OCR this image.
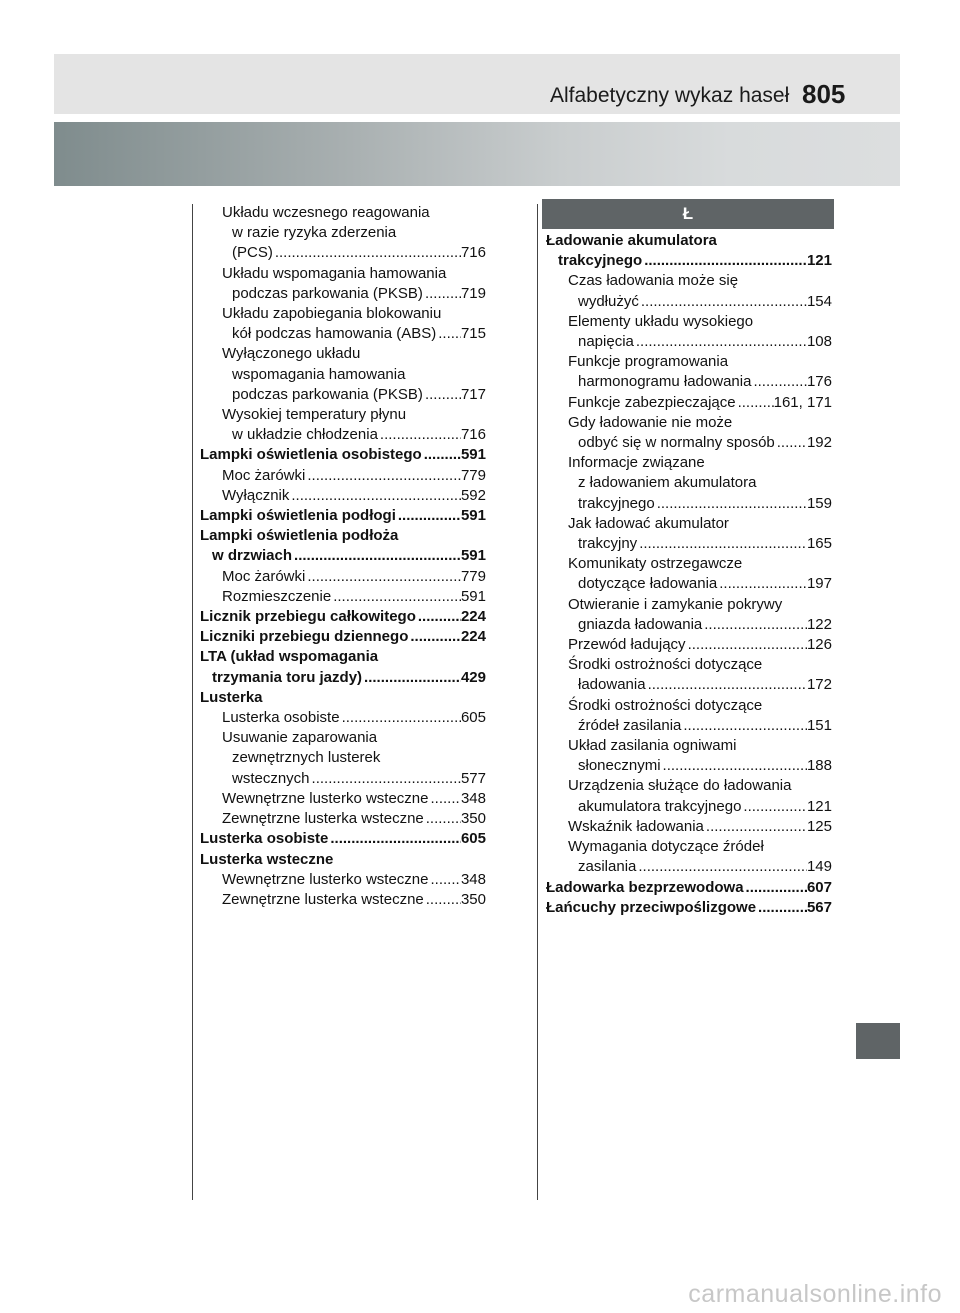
Alfabetyczny wykaz haseł 805
Układu wczesnego reagowania
w razie ryzyka zderzenia
(PCS) .....	716
Układu wspomagania hamowania
podczas parkowania (PKSB) .....	719
Układu zapobiegania blokowaniu
kół podczas hamowania (ABS) ..... 715
Wyłączonego układu
wspomagania hamowania
podczas parkowania (PKSB) .....	717
Wysokiej temperatury płynu
w układzie chłodzenia .....	716
Lampki oświetlenia osobistego .....	591
Moc żarówki .....	779
Wyłącznik .....	592
Lampki oświetlenia podłogi .....	591
Lampki oświetlenia podłoża
w drzwiach .....	591
Moc żarówki .....	779
Rozmieszczenie .....	591
Licznik przebiegu całkowitego .....	224
Liczniki przebiegu dziennego .....	224
LTA (układ wspomagania
trzymania toru jazdy) .....	429
Lusterka
Lusterka osobiste .....	605
Usuwanie zaparowania
zewnętrznych lusterek
wstecznych .....	577
Wewnętrzne lusterko wsteczne ..... 348
Zewnętrzne lusterka wsteczne ..... 350
Lusterka osobiste .....	605
Lusterka wsteczne
Wewnętrzne lusterko wsteczne ..... 348
Zewnętrzne lusterka wsteczne ..... 350
Ł
Ładowanie akumulatora
trakcyjnego .....	121
Czas ładowania może się
wydłużyć .....	154
Elementy układu wysokiego
napięcia .....	108
Funkcje programowania
harmonogramu ładowania .....	176
Funkcje zabezpieczające .....	161, 171
Gdy ładowanie nie może
odbyć się w normalny sposób ..... 192
Informacje związane
z ładowaniem akumulatora
trakcyjnego .....	159
Jak ładować akumulator
trakcyjny .....	165
Komunikaty ostrzegawcze
dotyczące ładowania .....	197
Otwieranie i zamykanie pokrywy
gniazda ładowania .....	122
Przewód ładujący .....	126
Środki ostrożności dotyczące
ładowania .....	172
Środki ostrożności dotyczące
źródeł zasilania .....	151
Układ zasilania ogniwami
słonecznymi .....	188
Urządzenia służące do ładowania
akumulatora trakcyjnego .....	121
Wskaźnik ładowania .....	125
Wymagania dotyczące źródeł
zasilania .....	149
Ładowarka bezprzewodowa .....	607
Łańcuchy przeciwpoślizgowe .....	567
carmanualsonline.info
